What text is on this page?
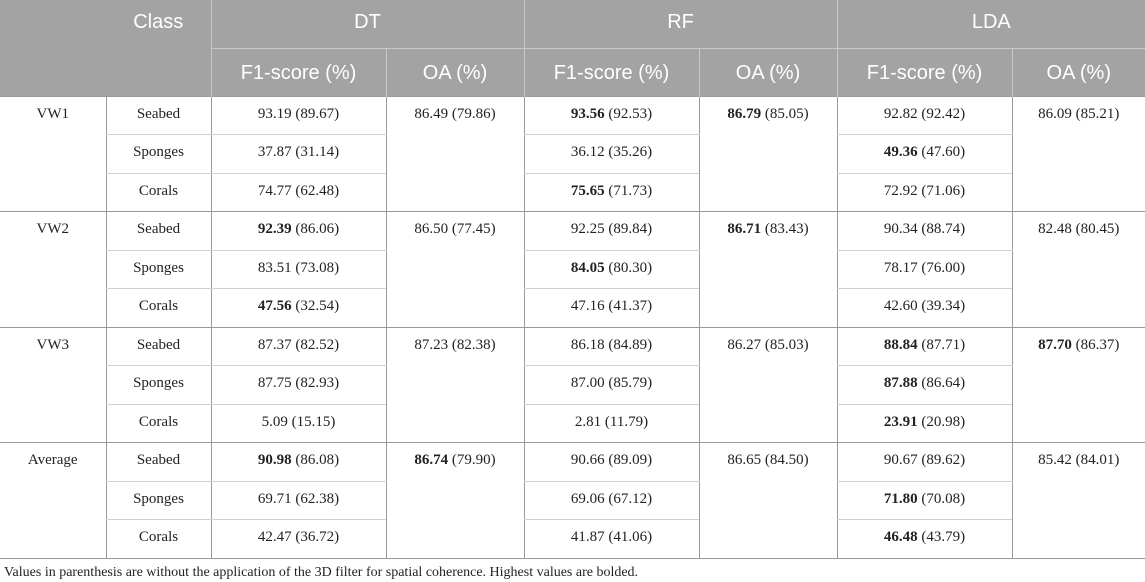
	Class	DT		RF		LDA	
		F1-score (%)	OA (%)	F1-score (%)	OA (%)	F1-score (%)	OA (%)
VW1	Seabed	93.19 (89.67)	86.49 (79.86)	93.56 (92.53)	86.79 (85.05)	92.82 (92.42)	86.09 (85.21)
	Sponges	37.87 (31.14)		36.12 (35.26)		49.36 (47.60)	
	Corals	74.77 (62.48)		75.65 (71.73)		72.92 (71.06)	
VW2	Seabed	92.39 (86.06)	86.50 (77.45)	92.25 (89.84)	86.71 (83.43)	90.34 (88.74)	82.48 (80.45)
	Sponges	83.51 (73.08)		84.05 (80.30)		78.17 (76.00)	
	Corals	47.56 (32.54)		47.16 (41.37)		42.60 (39.34)	
VW3	Seabed	87.37 (82.52)	87.23 (82.38)	86.18 (84.89)	86.27 (85.03)	88.84 (87.71)	87.70 (86.37)
	Sponges	87.75 (82.93)		87.00 (85.79)		87.88 (86.64)	
	Corals	5.09 (15.15)		2.81 (11.79)		23.91 (20.98)	
Average	Seabed	90.98 (86.08)	86.74 (79.90)	90.66 (89.09)	86.65 (84.50)	90.67 (89.62)	85.42 (84.01)
	Sponges	69.71 (62.38)		69.06 (67.12)		71.80 (70.08)	
	Corals	42.47 (36.72)		41.87 (41.06)		46.48 (43.79)	
Values in parenthesis are without the application of the 3D filter for spatial coherence. Highest values are bolded.
